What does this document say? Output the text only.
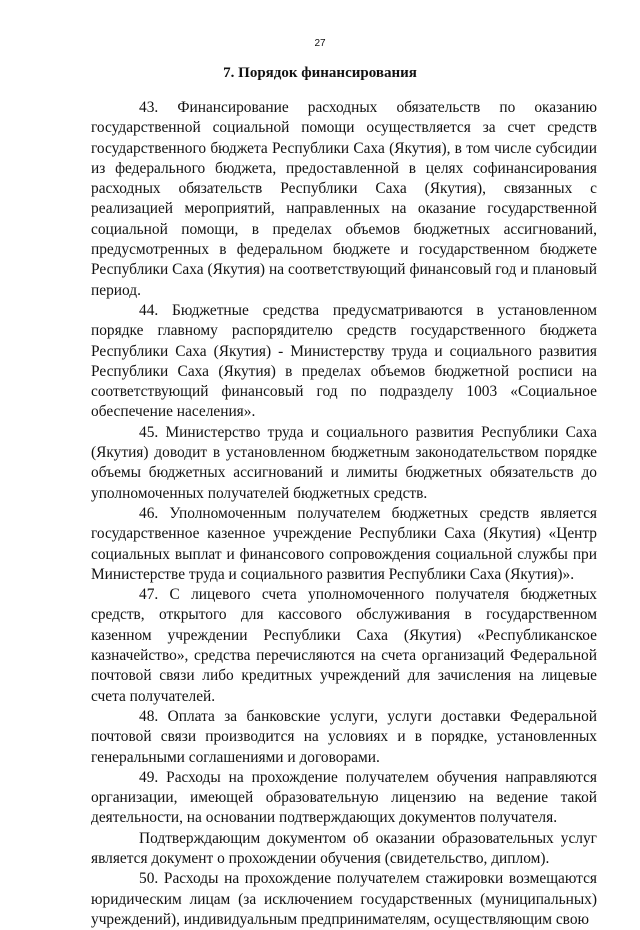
27
7. Порядок финансирования

43. Финансирование расходных обязательств по оказанию государственной социальной помощи осуществляется за счет средств государственного бюджета Республики Саха (Якутия), в том числе субсидии из федерального бюджета, предоставленной в целях софинансирования расходных обязательств Республики Саха (Якутия), связанных с реализацией мероприятий, направленных на оказание государственной социальной помощи, в пределах объемов бюджетных ассигнований, предусмотренных в федеральном бюджете и государственном бюджете Республики Саха (Якутия) на соответствующий финансовый год и плановый период.

44. Бюджетные средства предусматриваются в установленном порядке главному распорядителю средств государственного бюджета Республики Саха (Якутия) - Министерству труда и социального развития Республики Саха (Якутия) в пределах объемов бюджетной росписи на соответствующий финансовый год по подразделу 1003 «Социальное обеспечение населения».

45. Министерство труда и социального развития Республики Саха (Якутия) доводит в установленном бюджетным законодательством порядке объемы бюджетных ассигнований и лимиты бюджетных обязательств до уполномоченных получателей бюджетных средств.

46. Уполномоченным получателем бюджетных средств является государственное казенное учреждение Республики Саха (Якутия) «Центр социальных выплат и финансового сопровождения социальной службы при Министерстве труда и социального развития Республики Саха (Якутия)».

47. С лицевого счета уполномоченного получателя бюджетных средств, открытого для кассового обслуживания в государственном казенном учреждении Республики Саха (Якутия) «Республиканское казначейство», средства перечисляются на счета организаций Федеральной почтовой связи либо кредитных учреждений для зачисления на лицевые счета получателей.

48. Оплата за банковские услуги, услуги доставки Федеральной почтовой связи производится на условиях и в порядке, установленных генеральными соглашениями и договорами.

49. Расходы на прохождение получателем обучения направляются организации, имеющей образовательную лицензию на ведение такой деятельности, на основании подтверждающих документов получателя.

Подтверждающим документом об оказании образовательных услуг является документ о прохождении обучения (свидетельство, диплом).

50. Расходы на прохождение получателем стажировки возмещаются юридическим лицам (за исключением государственных (муниципальных) учреждений), индивидуальным предпринимателям, осуществляющим свою
